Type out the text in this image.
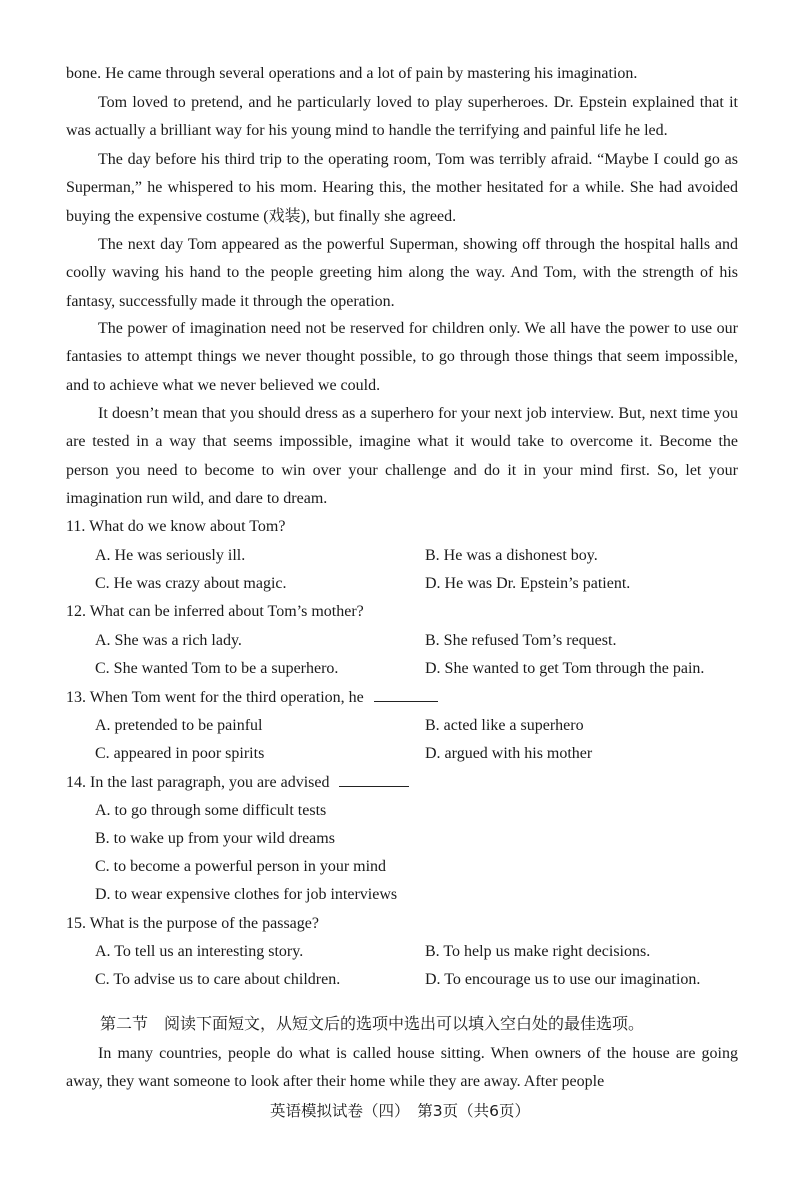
bone. He came through several operations and a lot of pain by mastering his imagination.

Tom loved to pretend, and he particularly loved to play superheroes. Dr. Epstein explained that it was actually a brilliant way for his young mind to handle the terrifying and painful life he led.

The day before his third trip to the operating room, Tom was terribly afraid. “Maybe I could go as Superman,” he whispered to his mom. Hearing this, the mother hesitated for a while. She had avoided buying the expensive costume (戏装), but finally she agreed.

The next day Tom appeared as the powerful Superman, showing off through the hospital halls and coolly waving his hand to the people greeting him along the way. And Tom, with the strength of his fantasy, successfully made it through the operation.

The power of imagination need not be reserved for children only. We all have the power to use our fantasies to attempt things we never thought possible, to go through those things that seem impossible, and to achieve what we never believed we could.

It doesn’t mean that you should dress as a superhero for your next job interview. But, next time you are tested in a way that seems impossible, imagine what it would take to overcome it. Become the person you need to become to win over your challenge and do it in your mind first. So, let your imagination run wild, and dare to dream.

11. What do we know about Tom?
A. He was seriously ill.	B. He was a dishonest boy.
C. He was crazy about magic.	D. He was Dr. Epstein’s patient.
12. What can be inferred about Tom’s mother?
A. She was a rich lady.	B. She refused Tom’s request.
C. She wanted Tom to be a superhero.	D. She wanted to get Tom through the pain.
13. When Tom went for the third operation, he
A. pretended to be painful	B. acted like a superhero
C. appeared in poor spirits	D. argued with his mother
14. In the last paragraph, you are advised
A. to go through some difficult tests
B. to wake up from your wild dreams
C. to become a powerful person in your mind
D. to wear expensive clothes for job interviews
15. What is the purpose of the passage?
A. To tell us an interesting story.	B. To help us make right decisions.
C. To advise us to care about children.	D. To encourage us to use our imagination.
第二节　阅读下面短文，从短文后的选项中选出可以填入空白处的最佳选项。

In many countries, people do what is called house sitting. When owners of the house are going away, they want someone to look after their home while they are away. After people

英语模拟试卷（四）　第3页（共6页）
